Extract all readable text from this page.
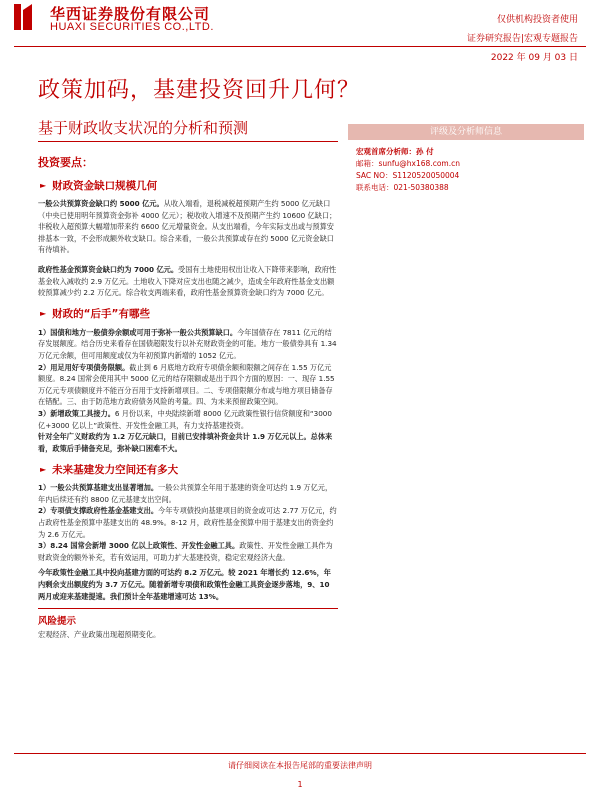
华西证券股份有限公司
HUAXI SECURITIES CO.,LTD.
仅供机构投资者使用
证券研究报告|宏观专题报告
2022 年 09 月 03 日
政策加码，基建投资回升几何？
基于财政收支状况的分析和预测	评级及分析师信息
宏观首席分析师：孙 付
邮箱：sunfu@hx168.com.cn
SAC NO：S1120520050004
联系电话：021-50380388
投资要点：
► 财政资金缺口规模几何

一般公共预算资金缺口约 5000 亿元。从收入端看，退税减税超预期产生约 5000 亿元缺口（中央已使用明年预算资金弥补 4000 亿元）；税收收入增速不及预期产生约 10600 亿缺口；非税收入超预算大幅增加带来约 6600 亿元增量资金。从支出端看，今年实际支出或与预算安排基本一致，不会形成额外收支缺口。综合来看，一般公共预算或存在约 5000 亿元资金缺口有待填补。

政府性基金预算资金缺口约为 7000 亿元。受国有土地使用权出让收入下降带来影响，政府性基金收入减收约 2.9 万亿元。土地收入下降对应支出也随之减少，造成全年政府性基金支出额较预算减少约 2.2 万亿元。综合收支两端来看，政府性基金预算资金缺口约为 7000 亿元。

► 财政的“后手”有哪些

1）国债和地方一般债券余额或可用于弥补一般公共预算缺口。今年国债存在 7811 亿元的结存发展额度。结合历史来看存在国债超限发行以补充财政资金的可能。地方一般债券具有 1.34 万亿元余额，但可用额度或仅为年初预算内新增的 1052 亿元。

2）用足用好专项债务限额。截止到 6 月底地方政府专项债余额和限额之间存在 1.55 万亿元额度。8.24 国常会使用其中 5000 亿元的结存限额或是出于四个方面的原因：一、现存 1.55 万亿元专项债额度并不能百分百用于支持新增项目。二、专项借限额分布或与地方项目储备存在错配。三、由于防范地方政府债务风险的考量。四、为未来预留政策空间。

3）新增政策工具接力。6 月份以来，中央陆续新增 8000 亿元政策性银行信贷额度和“3000 亿+3000 亿以上”政策性、开发性金融工具，有力支持基建投资。

针对全年广义财政约为 1.2 万亿元缺口，目前已安排填补资金共计 1.9 万亿元以上。总体来看，政策后手储备充足，弥补缺口困难不大。

► 未来基建发力空间还有多大

1）一般公共预算基建支出显著增加。一般公共预算全年用于基建的资金可达约 1.9 万亿元，年内后续还有约 8800 亿元基建支出空间。

2）专项债支撑政府性基金基建支出。今年专项债投向基建项目的资金或可达 2.77 万亿元，约占政府性基金预算中基建支出的 48.9%。8-12 月，政府性基金预算中用于基建支出的资金约为 2.6 万亿元。

3）8.24 国常会新增 3000 亿以上政策性、开发性金融工具。政策性、开发性金融工具作为财政资金的额外补充，若有效运用，可助力扩大基建投资，稳定宏观经济大盘。

今年政策性金融工具中投向基建方面的可达约 8.2 万亿元。较 2021 年增长约 12.6%，年内剩余支出额度约为 3.7 万亿元。随着新增专项债和政策性金融工具资金逐步落地，9、10 两月或迎来基建提速。我们预计全年基建增速可达 13%。

风险提示

宏观经济、产业政策出现超预期变化。

请仔细阅读在本报告尾部的重要法律声明
1
